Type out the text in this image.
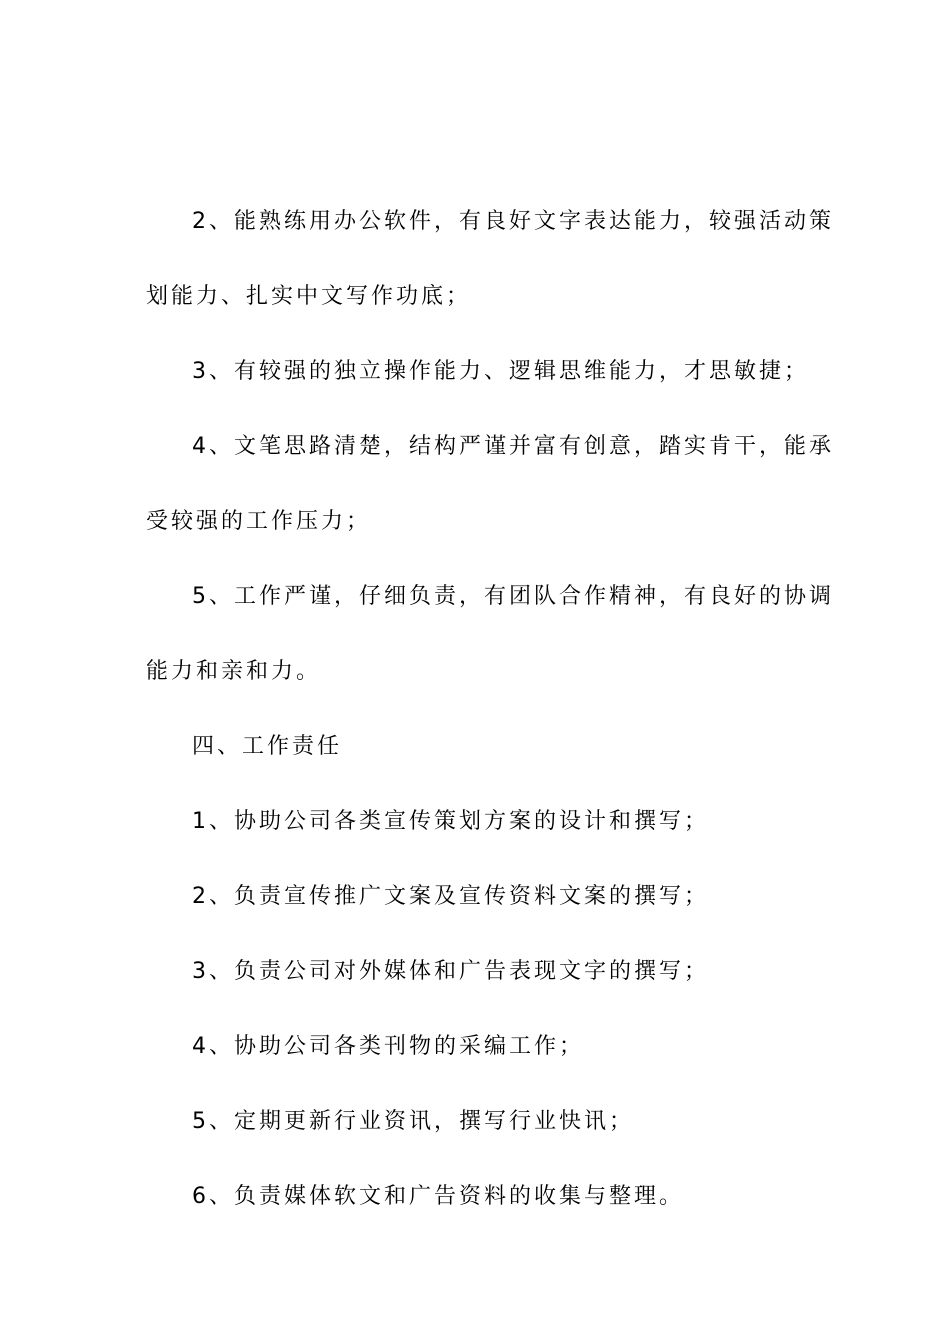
2、能熟练用办公软件，有良好文字表达能力，较强活动策

划能力、扎实中文写作功底；

3、有较强的独立操作能力、逻辑思维能力，才思敏捷；

4、文笔思路清楚，结构严谨并富有创意，踏实肯干，能承

受较强的工作压力；

5、工作严谨，仔细负责，有团队合作精神，有良好的协调

能力和亲和力。

四、工作责任

1、协助公司各类宣传策划方案的设计和撰写；

2、负责宣传推广文案及宣传资料文案的撰写；

3、负责公司对外媒体和广告表现文字的撰写；

4、协助公司各类刊物的采编工作；

5、定期更新行业资讯，撰写行业快讯；

6、负责媒体软文和广告资料的收集与整理。
